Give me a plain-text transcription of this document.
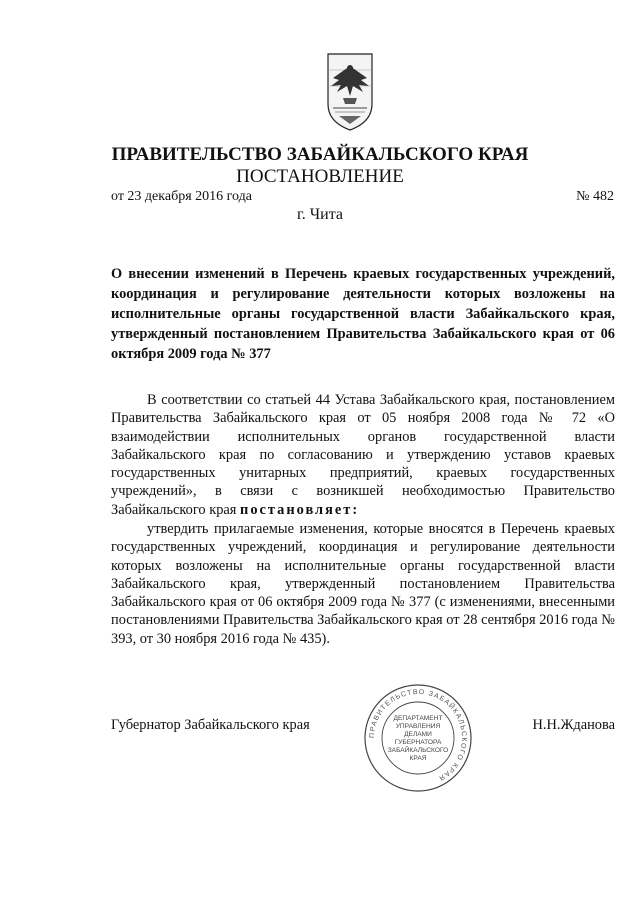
ПРАВИТЕЛЬСТВО ЗАБАЙКАЛЬСКОГО КРАЯ
ПОСТАНОВЛЕНИЕ
от 23 декабря 2016 года	№ 482
г. Чита
О внесении изменений в Перечень краевых государственных учреждений, координация и регулирование деятельности которых возложены на исполнительные органы государственной власти Забайкальского края, утвержденный постановлением Правительства Забайкальского края от 06 октября 2009 года № 377
В соответствии со статьей 44 Устава Забайкальского края, постановлением Правительства Забайкальского края от 05 ноября 2008 года № 72 «О взаимодействии исполнительных органов государственной власти Забайкальского края по согласованию и утверждению уставов краевых государственных унитарных предприятий, краевых государственных учреждений», в связи с возникшей необходимостью Правительство Забайкальского края постановляет:
утвердить прилагаемые изменения, которые вносятся в Перечень краевых государственных учреждений, координация и регулирование деятельности которых возложены на исполнительные органы государственной власти Забайкальского края, утвержденный постановлением Правительства Забайкальского края от 06 октября 2009 года № 377 (с изменениями, внесенными постановлениями Правительства Забайкальского края от 28 сентября 2016 года № 393, от 30 ноября 2016 года № 435).
Губернатор Забайкальского края	Н.Н.Жданова
ПРАВИТЕЛЬСТВО ЗАБАЙКАЛЬСКОГО КРАЯ
ДЕПАРТАМЕНТ
УПРАВЛЕНИЯ
ДЕЛАМИ
ГУБЕРНАТОРА
ЗАБАЙКАЛЬСКОГО
КРАЯ
